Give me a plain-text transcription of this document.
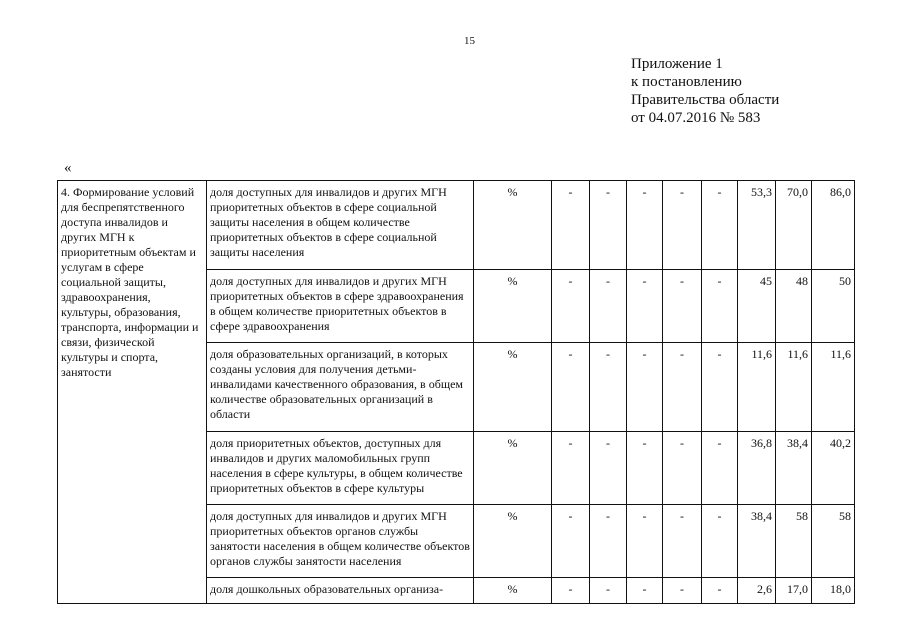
15
Приложение 1
к постановлению
Правительства области
от 04.07.2016 № 583
«
4. Формирование условий для беспрепятственного доступа инвалидов и других МГН к приоритетным объектам и услугам в сфере социальной защиты, здравоохранения, культуры, образования, транспорта, информации и связи, физической культуры и спорта, занятости	доля доступных для инвалидов и других МГН приоритетных объектов в сфере социальной защиты населения в общем количестве приоритетных объектов в сфере социальной защиты населения	%	-	-	-	-	-	53,3	70,0	86,0
	доля доступных для инвалидов и других МГН приоритетных объектов в сфере здравоохранения в общем количестве приоритетных объектов в сфере здравоохранения	%	-	-	-	-	-	45	48	50
	доля образовательных организаций, в которых созданы условия для получения детьми-инвалидами качественного образования, в общем количестве образовательных организаций в области	%	-	-	-	-	-	11,6	11,6	11,6
	доля приоритетных объектов, доступных для инвалидов и других маломобильных групп населения в сфере культуры, в общем количестве приоритетных объектов в сфере культуры	%	-	-	-	-	-	36,8	38,4	40,2
	доля доступных для инвалидов и других МГН приоритетных объектов органов службы занятости населения в общем количестве объектов органов службы занятости населения	%	-	-	-	-	-	38,4	58	58
	доля дошкольных образовательных организа-	%	-	-	-	-	-	2,6	17,0	18,0
